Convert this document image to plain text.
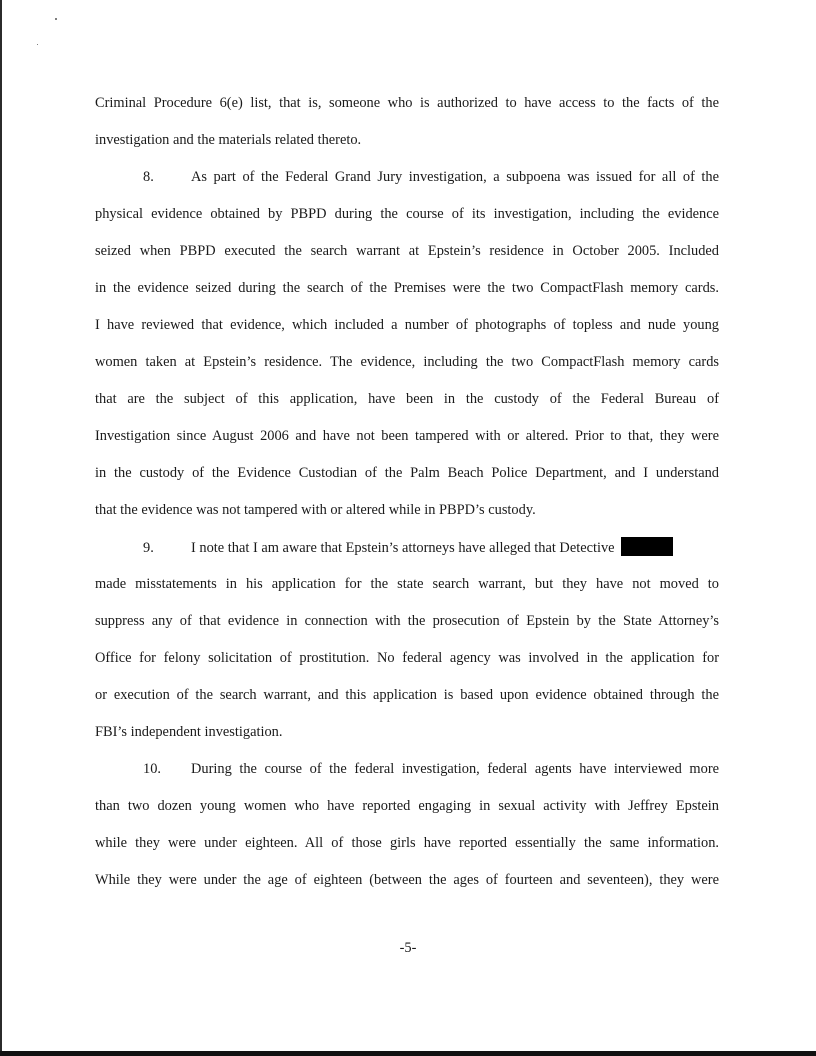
Criminal Procedure 6(e) list, that is, someone who is authorized to have access to the facts of the
investigation and the materials related thereto.
8.	As part of the Federal Grand Jury investigation, a subpoena was issued for all of the
physical evidence obtained by PBPD during the course of its investigation, including the evidence
seized when PBPD executed the search warrant at Epstein’s residence in October 2005. Included
in the evidence seized during the search of the Premises were the two CompactFlash memory cards.
I have reviewed that evidence, which included a number of photographs of topless and nude young
women taken at Epstein’s residence. The evidence, including the two CompactFlash memory cards
that are the subject of this application, have been in the custody of the Federal Bureau of
Investigation since August 2006 and have not been tampered with or altered. Prior to that, they were
in the custody of the Evidence Custodian of the Palm Beach Police Department, and I understand
that the evidence was not tampered with or altered while in PBPD’s custody.
9.	I note that I am aware that Epstein’s attorneys have alleged that Detective
made misstatements in his application for the state search warrant, but they have not moved to
suppress any of that evidence in connection with the prosecution of Epstein by the State Attorney’s
Office for felony solicitation of prostitution. No federal agency was involved in the application for
or execution of the search warrant, and this application is based upon evidence obtained through the
FBI’s independent investigation.
10. During the course of the federal investigation, federal agents have interviewed more
than two dozen young women who have reported engaging in sexual activity with Jeffrey Epstein
while they were under eighteen. All of those girls have reported essentially the same information.
While they were under the age of eighteen (between the ages of fourteen and seventeen), they were
-5-
